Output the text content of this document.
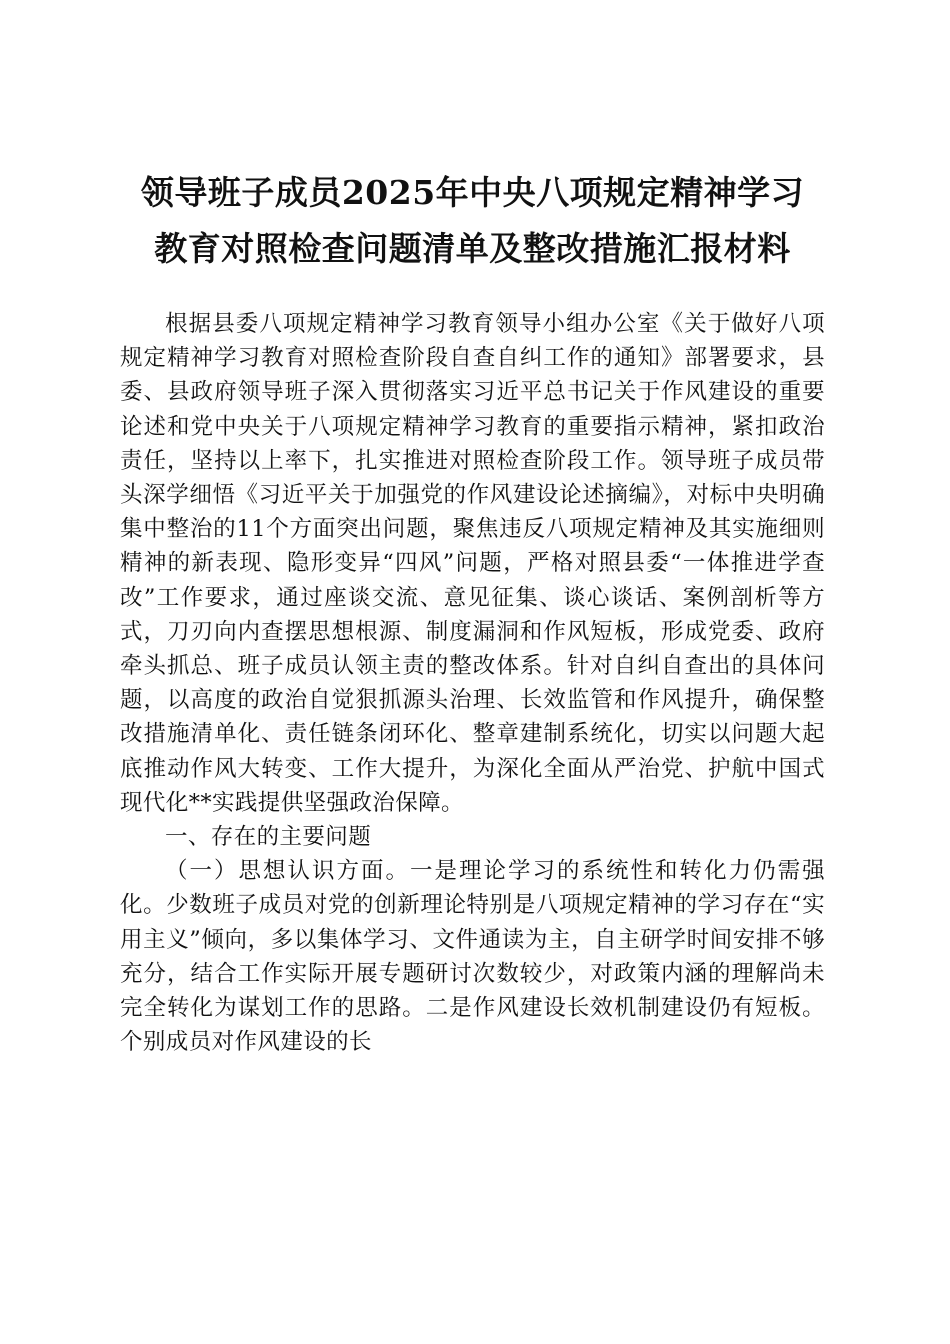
领导班子成员2025年中央八项规定精神学习
教育对照检查问题清单及整改措施汇报材料

根据县委八项规定精神学习教育领导小组办公室《关于做好八项规定精神学习教育对照检查阶段自查自纠工作的通知》部署要求，县委、县政府领导班子深入贯彻落实习近平总书记关于作风建设的重要论述和党中央关于八项规定精神学习教育的重要指示精神，紧扣政治责任，坚持以上率下，扎实推进对照检查阶段工作。领导班子成员带头深学细悟《习近平关于加强党的作风建设论述摘编》，对标中央明确集中整治的11个方面突出问题，聚焦违反八项规定精神及其实施细则精神的新表现、隐形变异“四风”问题，严格对照县委“一体推进学查改”工作要求，通过座谈交流、意见征集、谈心谈话、案例剖析等方式，刀刃向内查摆思想根源、制度漏洞和作风短板，形成党委、政府牵头抓总、班子成员认领主责的整改体系。针对自纠自查出的具体问题，以高度的政治自觉狠抓源头治理、长效监管和作风提升，确保整改措施清单化、责任链条闭环化、整章建制系统化，切实以问题大起底推动作风大转变、工作大提升，为深化全面从严治党、护航中国式现代化**实践提供坚强政治保障。

一、存在的主要问题

（一）思想认识方面。一是理论学习的系统性和转化力仍需强化。少数班子成员对党的创新理论特别是八项规定精神的学习存在“实用主义”倾向，多以集体学习、文件通读为主，自主研学时间安排不够充分，结合工作实际开展专题研讨次数较少，对政策内涵的理解尚未完全转化为谋划工作的思路。二是作风建设长效机制建设仍有短板。个别成员对作风建设的长
